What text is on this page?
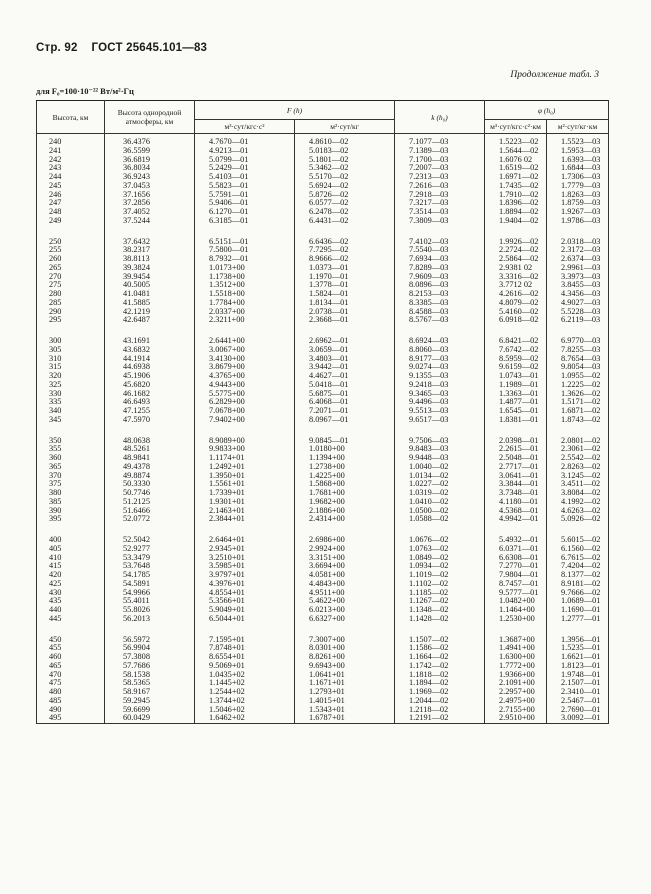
Стр. 92 ГОСТ 25645.101—83
Продолжение табл. 3
для F₀=100·10⁻²² Вт/м²·Гц
Высота, км	Высота однородной атмосферы, км	F (h)		k (h₀)	φ (h₀)	
		м³·сут/кгс·с²	м²·сут/кг		м³·сут/кгс·с²·км	м²·сут/кг·км
240	36.4376	4.7670—01	4.8610—02	7.1077—03	1.5223—02	1.5523—03
241	36.5599	4.9213—01	5.0183—02	7.1389—03	1.5644—02	1.5953—03
242	36.6819	5.0799—01	5.1801—02	7.1700—03	1.6076 02	1.6393—03
243	36.8034	5.2429—01	5.3462—02	7.2007—03	1.6519—02	1.6844—03
244	36.9243	5.4103—01	5.5170—02	7.2313—03	1.6971—02	1.7306—03
245	37.0453	5.5823—01	5.6924—02	7.2616—03	1.7435—02	1.7779—03
246	37.1656	5.7591—01	5.8726—02	7.2918—03	1.7910—02	1.8263—03
247	37.2856	5.9406—01	6.0577—02	7.3217—03	1.8396—02	1.8759—03
248	37.4052	6.1270—01	6.2478—02	7.3514—03	1.8894—02	1.9267—03
249	37.5244	6.3185—01	6.4431—02	7.3809—03	1.9404—02	1.9786—03

250	37.6432	6.5151—01	6.6436—02	7.4102—03	1.9926—02	2.0318—03
255	38.2317	7.5800—01	7.7295—02	7.5540—03	2.2724—02	2.3172—03
260	38.8113	8.7932—01	8.9666—02	7.6934—03	2.5864—02	2.6374—03
265	39.3824	1.0173+00	1.0373—01	7.8289—03	2.9381 02	2.9961—03
270	39.9454	1.1738+00	1.1970—01	7.9609—03	3.3316—02	3.3973—03
275	40.5005	1.3512+00	1.3778—01	8.0896—03	3.7712 02	3.8455—03
280	41.0481	1.5518+00	1.5824—01	8.2153—03	4.2616—02	4.3456—03
285	41.5885	1.7784+00	1.8134—01	8.3385—03	4.8079—02	4.9027—03
290	42.1219	2.0337+00	2.0738—01	8.4588—03	5.4160—02	5.5228—03
295	42.6487	2.3211+00	2.3668—01	8.5767—03	6.0918—02	6.2119—03

300	43.1691	2.6441+00	2.6962—01	8.6924—03	6.8421—02	6.9770—03
305	43.6832	3.0067+00	3.0659—01	8.8060—03	7.6742—02	7.8255—03
310	44.1914	3.4130+00	3.4803—01	8.9177—03	8.5959—02	8.7654—03
315	44.6938	3.8679+00	3.9442—01	9.0274—03	9.6159—02	9.8054—03
320	45.1906	4.3765+00	4.4627—01	9.1355—03	1.0743—01	1.0955—02
325	45.6820	4.9443+00	5.0418—01	9.2418—03	1.1989—01	1.2225—02
330	46.1682	5.5775+00	5.6875—01	9.3465—03	1.3363—01	1.3626—02
335	46.6493	6.2829+00	6.4068—01	9.4496—03	1.4877—01	1.5171—02
340	47.1255	7.0678+00	7.2071—01	9.5513—03	1.6545—01	1.6871—02
345	47.5970	7.9402+00	8.0967—01	9.6517—03	1.8381—01	1.8743—02

350	48.0638	8.9089+00	9.0845—01	9.7506—03	2.0398—01	2.0801—02
355	48.5261	9.9833+00	1.0180+00	9.8483—03	2.2615—01	2.3061—02
360	48.9841	1.1174+01	1.1394+00	9.9448—03	2.5048—01	2.5542—02
365	49.4378	1.2492+01	1.2738+00	1.0040—02	2.7717—01	2.8263—02
370	49.8874	1.3950+01	1.4225+00	1.0134—02	3.0641—01	3.1245—02
375	50.3330	1.5561+01	1.5868+00	1.0227—02	3.3844—01	3.4511—02
380	50.7746	1.7339+01	1.7681+00	1.0319—02	3.7348—01	3.8084—02
385	51.2125	1.9301+01	1.9682+00	1.0410—02	4.1180—01	4.1992—02
390	51.6466	2.1463+01	2.1886+00	1.0500—02	4.5368—01	4.6263—02
395	52.0772	2.3844+01	2.4314+00	1.0588—02	4.9942—01	5.0926—02

400	52.5042	2.6464+01	2.6986+00	1.0676—02	5.4932—01	5.6015—02
405	52.9277	2.9345+01	2.9924+00	1.0763—02	6.0371—01	6.1560—02
410	53.3479	3.2510+01	3.3151+00	1.0849—02	6.6308—01	6.7615—02
415	53.7648	3.5985+01	3.6694+00	1.0934—02	7.2770—01	7.4204—02
420	54.1785	3.9797+01	4.0581+00	1.1019—02	7.9804—01	8.1377—02
425	54.5891	4.3976+01	4.4843+00	1.1102—02	8.7457—01	8.9181—02
430	54.9966	4.8554+01	4.9511+00	1.1185—02	9.5777—01	9.7666—02
435	55.4011	5.3566+01	5.4622+00	1.1267—02	1.0482+00	1.0689—01
440	55.8026	5.9049+01	6.0213+00	1.1348—02	1.1464+00	1.1690—01
445	56.2013	6.5044+01	6.6327+00	1.1428—02	1.2530+00	1.2777—01

450	56.5972	7.1595+01	7.3007+00	1.1507—02	1.3687+00	1.3956—01
455	56.9904	7.8748+01	8.0301+00	1.1586—02	1.4941+00	1.5235—01
460	57.3808	8.6554+01	8.8261+00	1.1664—02	1.6300+00	1.6621—01
465	57.7686	9.5069+01	9.6943+00	1.1742—02	1.7772+00	1.8123—01
470	58.1538	1.0435+02	1.0641+01	1.1818—02	1.9366+00	1.9748—01
475	58.5365	1.1445+02	1.1671+01	1.1894—02	2.1091+00	2.1507—01
480	58.9167	1.2544+02	1.2793+01	1.1969—02	2.2957+00	2.3410—01
485	59.2945	1.3744+02	1.4015+01	1.2044—02	2.4975+00	2.5467—01
490	59.6699	1.5046+02	1.5343+01	1.2118—02	2.7155+00	2.7690—01
495	60.0429	1.6462+02	1.6787+01	1.2191—02	2.9510+00	3.0092—01
